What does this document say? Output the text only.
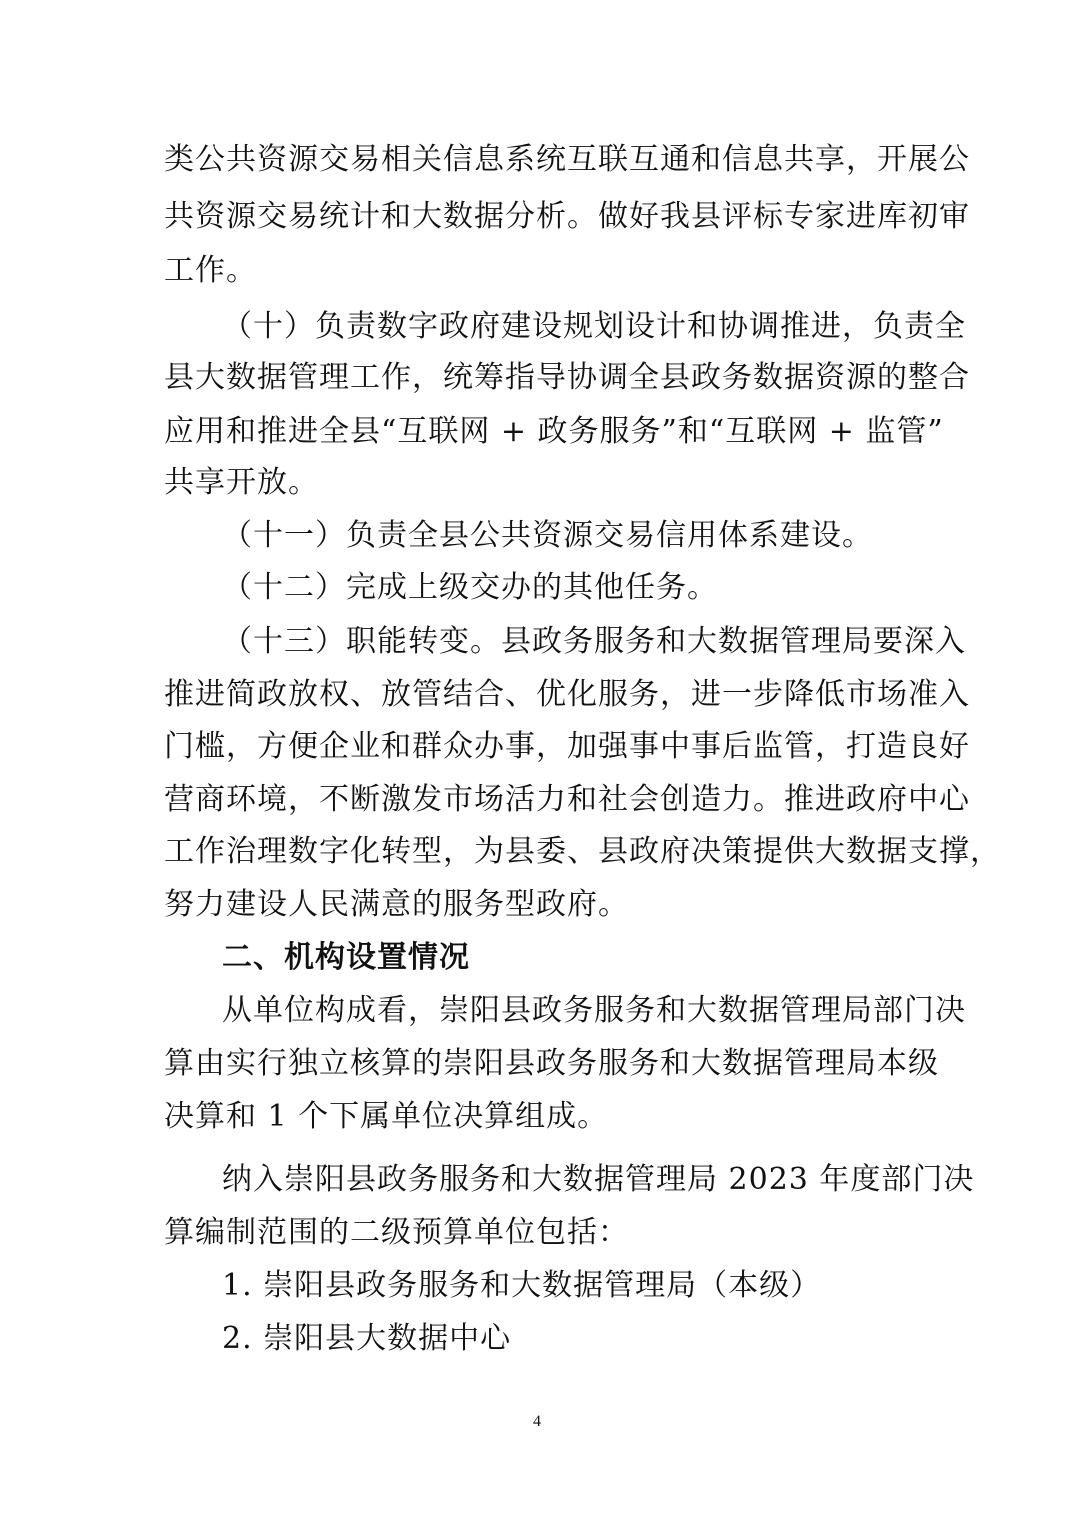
类公共资源交易相关信息系统互联互通和信息共享，开展公
共资源交易统计和大数据分析。做好我县评标专家进库初审
工作。
（十）负责数字政府建设规划设计和协调推进，负责全
县大数据管理工作，统筹指导协调全县政务数据资源的整合
应用和推进全县“互联网 + 政务服务”和“互联网 + 监管”
共享开放。
（十一）负责全县公共资源交易信用体系建设。
（十二）完成上级交办的其他任务。
（十三）职能转变。县政务服务和大数据管理局要深入
推进简政放权、放管结合、优化服务，进一步降低市场准入
门槛，方便企业和群众办事，加强事中事后监管，打造良好
营商环境，不断激发市场活力和社会创造力。推进政府中心
工作治理数字化转型，为县委、县政府决策提供大数据支撑，
努力建设人民满意的服务型政府。
二、机构设置情况
从单位构成看，崇阳县政务服务和大数据管理局部门决
算由实行独立核算的崇阳县政务服务和大数据管理局本级
决算和 1 个下属单位决算组成。
纳入崇阳县政务服务和大数据管理局 2023 年度部门决
算编制范围的二级预算单位包括：
1. 崇阳县政务服务和大数据管理局（本级）
2. 崇阳县大数据中心
4
